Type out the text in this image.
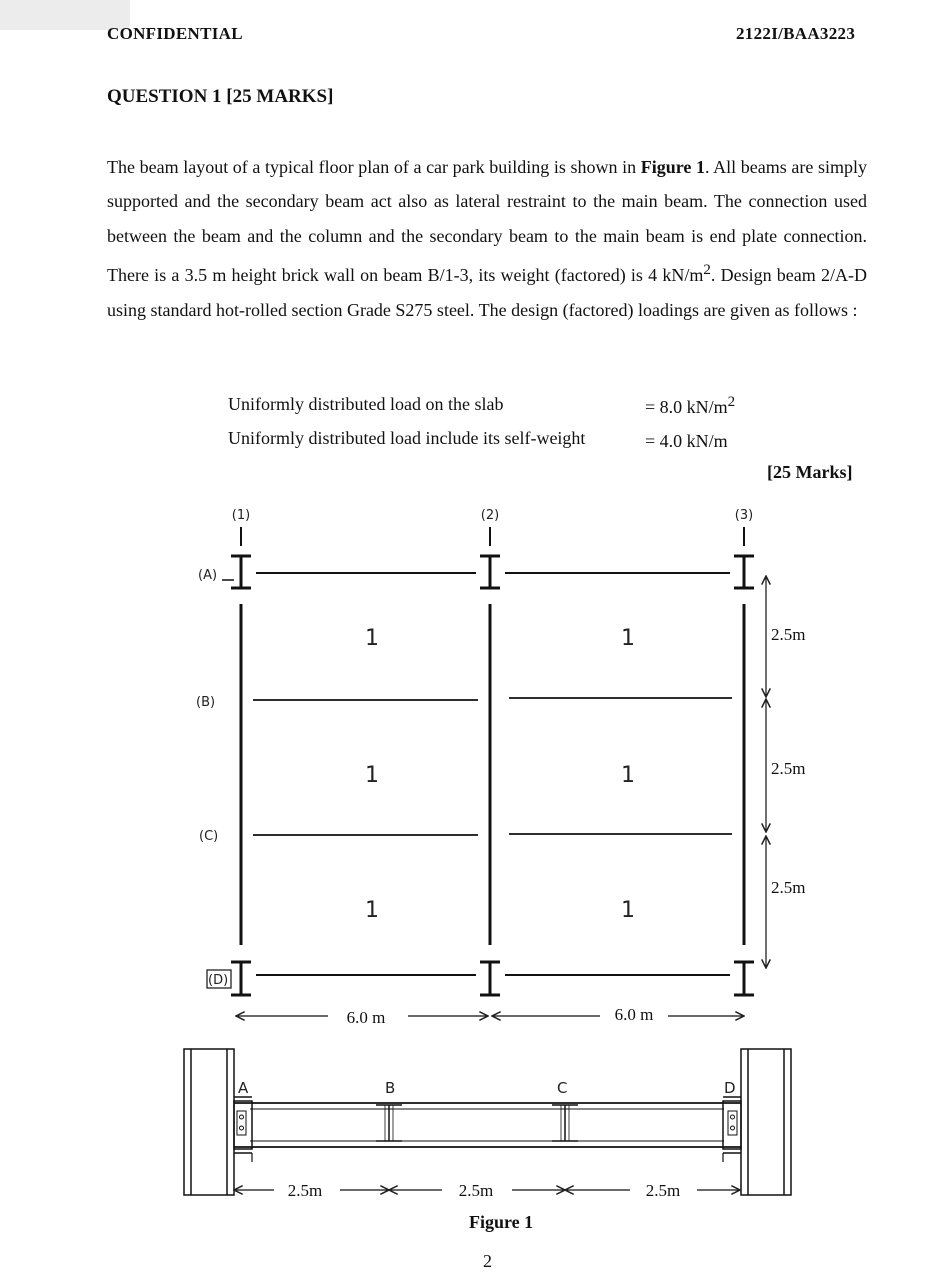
CONFIDENTIAL	2122I/BAA3223
QUESTION 1 [25 MARKS]
The beam layout of a typical floor plan of a car park building is shown in Figure 1. All beams are simply supported and the secondary beam act also as lateral restraint to the main beam. The connection used between the beam and the column and the secondary beam to the main beam is end plate connection. There is a 3.5 m height brick wall on beam B/1-3, its weight (factored) is 4 $kN/m^2$. Design beam 2/A-D using standard hot-rolled section Grade S275 steel. The design (factored) loadings are given as follows :
Uniformly distributed load on the slab	= 8.0 $kN/m^2$
Uniformly distributed load include its self-weight	= 4.0 kN/m
[25 Marks]
(1)	(2)	(3)
(A)
(B)
(C)
(D)
1	1
1	1
1	1
2.5m
2.5m
2.5m
6.0 m	6.0 m
A	B	C	D
2.5m	2.5m	2.5m
Figure 1
2
